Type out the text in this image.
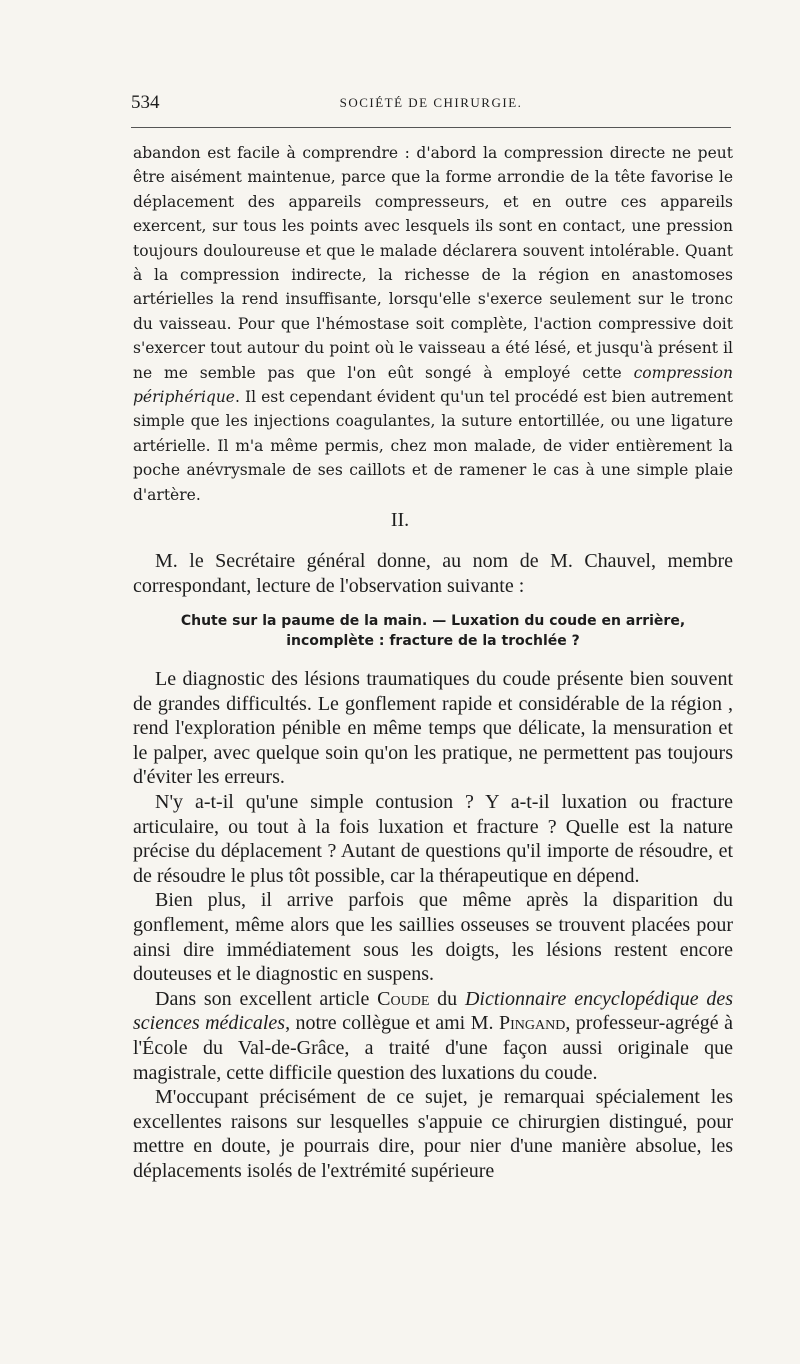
534	SOCIÉTÉ DE CHIRURGIE.

abandon est facile à comprendre : d'abord la compression directe ne peut être aisément maintenue, parce que la forme arrondie de la tête favorise le déplacement des appareils compresseurs, et en outre ces appareils exercent, sur tous les points avec lesquels ils sont en contact, une pression toujours douloureuse et que le malade déclarera souvent intolérable. Quant à la compression indirecte, la richesse de la région en anastomoses artérielles la rend insuffisante, lorsqu'elle s'exerce seulement sur le tronc du vaisseau. Pour que l'hémostase soit complète, l'action compressive doit s'exercer tout autour du point où le vaisseau a été lésé, et jusqu'à présent il ne me semble pas que l'on eût songé à employé cette compression périphérique. Il est cependant évident qu'un tel procédé est bien autrement simple que les injections coagulantes, la suture entortillée, ou une ligature artérielle. Il m'a même permis, chez mon malade, de vider entièrement la poche anévrysmale de ses caillots et de ramener le cas à une simple plaie d'artère.

II.

M. le Secrétaire général donne, au nom de M. Chauvel, membre correspondant, lecture de l'observation suivante :

Chute sur la paume de la main. — Luxation du coude en arrière,
incomplète : fracture de la trochlée ?

Le diagnostic des lésions traumatiques du coude présente bien souvent de grandes difficultés. Le gonflement rapide et considérable de la région , rend l'exploration pénible en même temps que délicate, la mensuration et le palper, avec quelque soin qu'on les pratique, ne permettent pas toujours d'éviter les erreurs.

N'y a-t-il qu'une simple contusion ? Y a-t-il luxation ou fracture articulaire, ou tout à la fois luxation et fracture ? Quelle est la nature précise du déplacement ? Autant de questions qu'il importe de résoudre, et de résoudre le plus tôt possible, car la thérapeutique en dépend.

Bien plus, il arrive parfois que même après la disparition du gonflement, même alors que les saillies osseuses se trouvent placées pour ainsi dire immédiatement sous les doigts, les lésions restent encore douteuses et le diagnostic en suspens.

Dans son excellent article Coude du Dictionnaire encyclopédique des sciences médicales, notre collègue et ami M. Pingand, professeur-agrégé à l'École du Val-de-Grâce, a traité d'une façon aussi originale que magistrale, cette difficile question des luxations du coude.

M'occupant précisément de ce sujet, je remarquai spécialement les excellentes raisons sur lesquelles s'appuie ce chirurgien distingué, pour mettre en doute, je pourrais dire, pour nier d'une manière absolue, les déplacements isolés de l'extrémité supérieure
